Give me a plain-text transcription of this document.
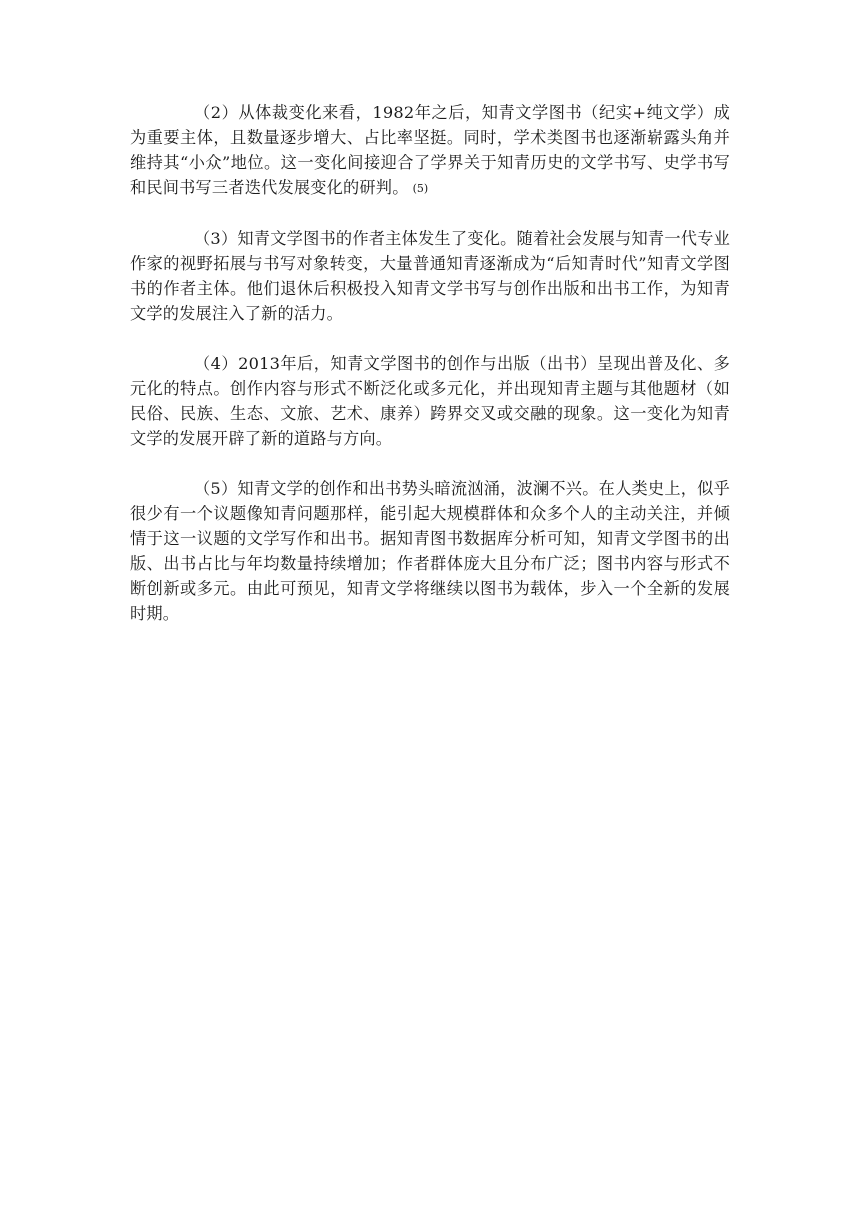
（2）从体裁变化来看，1982年之后，知青文学图书（纪实+纯文学）成为重要主体，且数量逐步增大、占比率坚挺。同时，学术类图书也逐渐崭露头角并维持其“小众”地位。这一变化间接迎合了学界关于知青历史的文学书写、史学书写和民间书写三者迭代发展变化的研判。 (5)

（3）知青文学图书的作者主体发生了变化。随着社会发展与知青一代专业作家的视野拓展与书写对象转变，大量普通知青逐渐成为“后知青时代”知青文学图书的作者主体。他们退休后积极投入知青文学书写与创作出版和出书工作，为知青文学的发展注入了新的活力。

（4）2013年后，知青文学图书的创作与出版（出书）呈现出普及化、多元化的特点。创作内容与形式不断泛化或多元化，并出现知青主题与其他题材（如民俗、民族、生态、文旅、艺术、康养）跨界交叉或交融的现象。这一变化为知青文学的发展开辟了新的道路与方向。

（5）知青文学的创作和出书势头暗流汹涌，波澜不兴。在人类史上，似乎很少有一个议题像知青问题那样，能引起大规模群体和众多个人的主动关注，并倾情于这一议题的文学写作和出书。据知青图书数据库分析可知，知青文学图书的出版、出书占比与年均数量持续增加；作者群体庞大且分布广泛；图书内容与形式不断创新或多元。由此可预见，知青文学将继续以图书为载体，步入一个全新的发展时期。
